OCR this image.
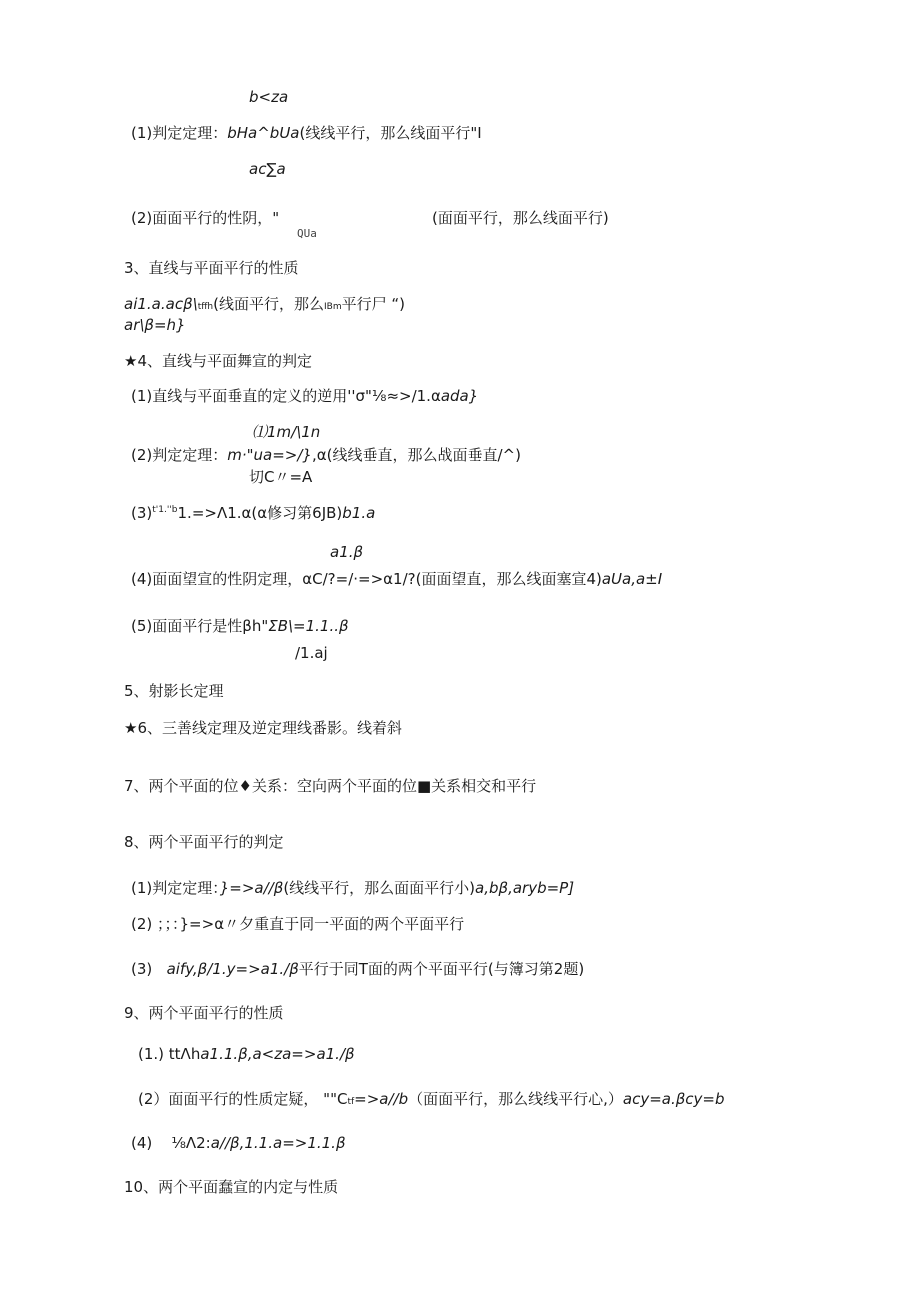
b<za
(1)判定定理：bHa^bUa(线线平行，那么线面平行"I
ac∑a
(2)面面平行的性阴，"
QUa
(面面平行，那么线面平行)
3、直线与平面平行的性质
ai1.a.acβ\tffh(线面平行，那么IBm平行尸 “)
ar\β=h}
★4、直线与平面舞宣的判定
(1)直线与平面垂直的定义的逆用''σ"⅛≈>/1.αada}
⑴1m/\1n
(2)判定定理：m·"ua=>/},α(线线垂直，那么战面垂直/^)
切C〃=A
$(3)^{t'1.''b}1.=>\Lambda 1.\alpha(\alpha$修习第6JB)b1.a
a1.β
(4)面面望宣的性阴定理，αC/?=/·=>α1/?(面面望直，那么线面塞宣4)aUa,a±I
(5)面面平行是性βh"ΣB\=1.1..β
/1.aj
5、射影长定理
★6、三善线定理及逆定理线番影。线着斜
7、两个平面的位♦关系：空向两个平面的位■关系相交和平行
8、两个平面平行的判定
(1)判定定理：}=>a∕∕β(线线平行，那么面面平行小)a,bβ,aryb=P]
(2) ；；：}=>α〃夕重直于同一平面的两个平面平行
(3) aify,β/1.y=>a1./β平行于同T面的两个平面平行(与簿习第2题)
9、两个平面平行的性质
(1.) ttΛha1.1.β,a<za=>a1./β
(2）面面平行的性质定疑， ""Ctf=>a∕∕b（面面平行，那么线线平行心,）acy=a.βcy=b
(4) ⅛Λ2:a∕∕β,1.1.a=>1.1.β
10、两个平面蠢宣的内定与性质
